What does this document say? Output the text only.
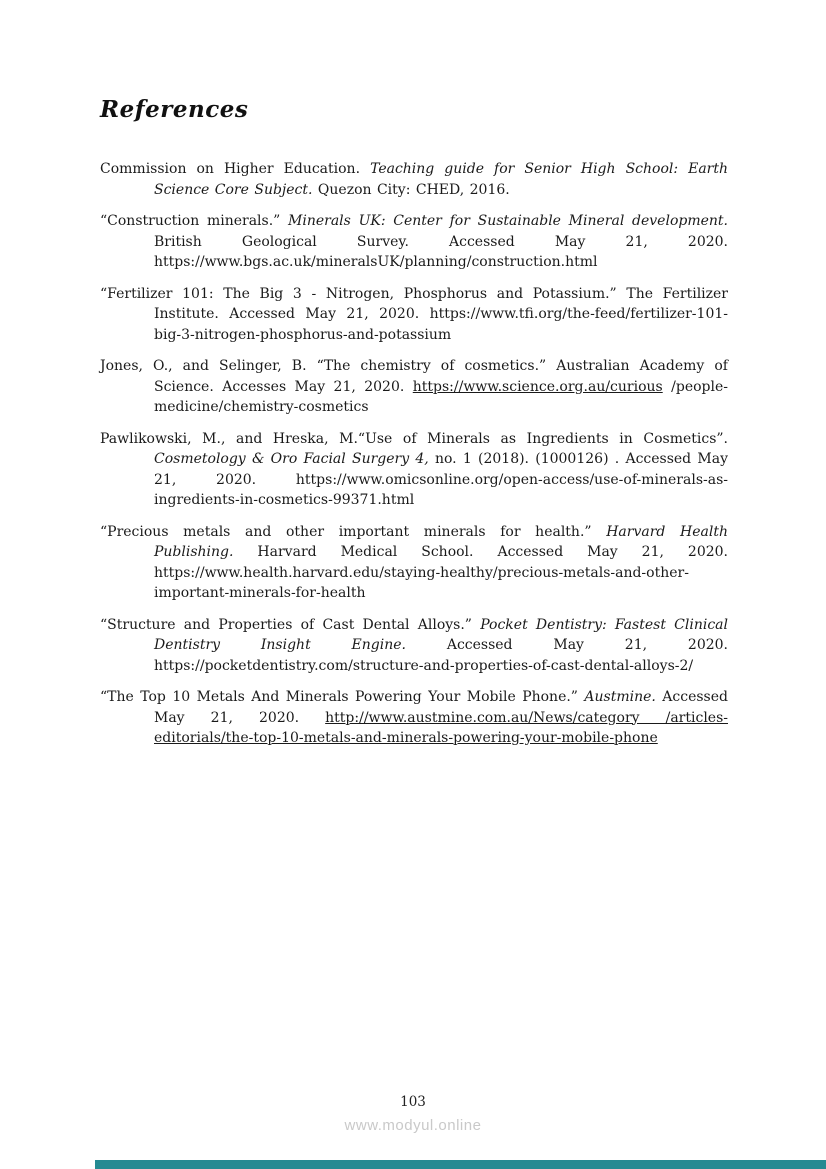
References

Commission on Higher Education. Teaching guide for Senior High School: Earth Science Core Subject. Quezon City: CHED, 2016.

“Construction minerals.” Minerals UK: Center for Sustainable Mineral development. British Geological Survey. Accessed May 21, 2020. https://www.bgs.ac.uk/mineralsUK/planning/construction.html

“Fertilizer 101: The Big 3 - Nitrogen, Phosphorus and Potassium.” The Fertilizer Institute. Accessed May 21, 2020. https://www.tfi.org/the-feed/fertilizer-101-big-3-nitrogen-phosphorus-and-potassium

Jones, O., and Selinger, B. “The chemistry of cosmetics.” Australian Academy of Science. Accesses May 21, 2020. https://www.science.org.au/curious /people-medicine/chemistry-cosmetics

Pawlikowski, M., and Hreska, M.“Use of Minerals as Ingredients in Cosmetics”. Cosmetology & Oro Facial Surgery 4, no. 1 (2018). (1000126) . Accessed May 21, 2020. https://www.omicsonline.org/open-access/use-of-minerals-as-ingredients-in-cosmetics-99371.html

“Precious metals and other important minerals for health.” Harvard Health Publishing. Harvard Medical School. Accessed May 21, 2020. https://www.health.harvard.edu/staying-healthy/precious-metals-and-other-important-minerals-for-health

“Structure and Properties of Cast Dental Alloys.” Pocket Dentistry: Fastest Clinical Dentistry Insight Engine. Accessed May 21, 2020. https://pocketdentistry.com/structure-and-properties-of-cast-dental-alloys-2/

“The Top 10 Metals And Minerals Powering Your Mobile Phone.” Austmine. Accessed May 21, 2020. http://www.austmine.com.au/News/category /articles-editorials/the-top-10-metals-and-minerals-powering-your-mobile-phone

103
www.modyul.online
